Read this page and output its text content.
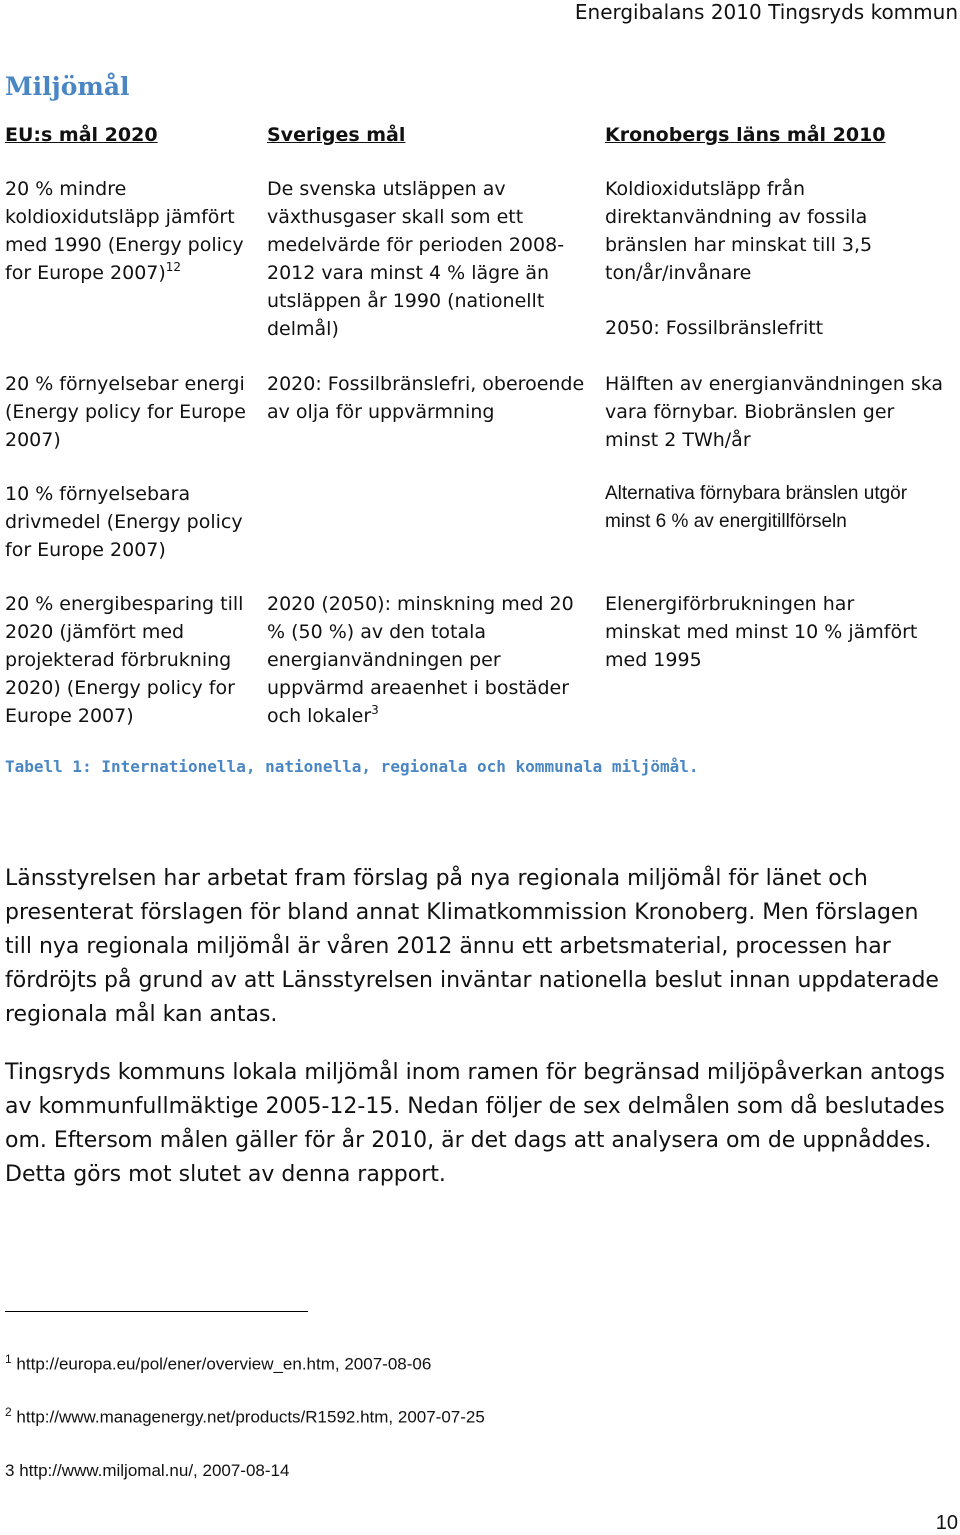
Energibalans 2010 Tingsryds kommun
Miljömål
EU:s mål 2020	Sveriges mål	Kronobergs läns mål 2010
20 % mindre koldioxidutsläpp jämfört med 1990 (Energy policy for Europe 2007)$^{12}$
De svenska utsläppen av växthusgaser skall som ett medelvärde för perioden 2008-2012 vara minst 4 % lägre än utsläppen år 1990 (nationellt delmål)
Koldioxidutsläpp från direktanvändning av fossila bränslen har minskat till 3,5 ton/år/invånare
2050: Fossilbränslefritt
20 % förnyelsebar energi (Energy policy for Europe 2007)
2020: Fossilbränslefri, oberoende av olja för uppvärmning
Hälften av energianvändningen ska vara förnybar. Biobränslen ger minst 2 TWh/år
10 % förnyelsebara drivmedel (Energy policy for Europe 2007)
Alternativa förnybara bränslen utgör minst 6 % av energitillförseln
20 % energibesparing till 2020 (jämfört med projekterad förbrukning 2020) (Energy policy for Europe 2007)
2020 (2050): minskning med 20 % (50 %) av den totala energianvändningen per uppvärmd areaenhet i bostäder och lokaler$^3$
Elenergiförbrukningen har minskat med minst 10 % jämfört med 1995
Tabell 1: Internationella, nationella, regionala och kommunala miljömål.

Länsstyrelsen har arbetat fram förslag på nya regionala miljömål för länet och presenterat förslagen för bland annat Klimatkommission Kronoberg. Men förslagen till nya regionala miljömål är våren 2012 ännu ett arbetsmaterial, processen har fördröjts på grund av att Länsstyrelsen inväntar nationella beslut innan uppdaterade regionala mål kan antas.

Tingsryds kommuns lokala miljömål inom ramen för begränsad miljöpåverkan antogs av kommunfullmäktige 2005-12-15. Nedan följer de sex delmålen som då beslutades om. Eftersom målen gäller för år 2010, är det dags att analysera om de uppnåddes. Detta görs mot slutet av denna rapport.

$^1$ http://europa.eu/pol/ener/overview_en.htm, 2007-08-06
$^2$ http://www.managenergy.net/products/R1592.htm, 2007-07-25
3 http://www.miljomal.nu/, 2007-08-14
10
